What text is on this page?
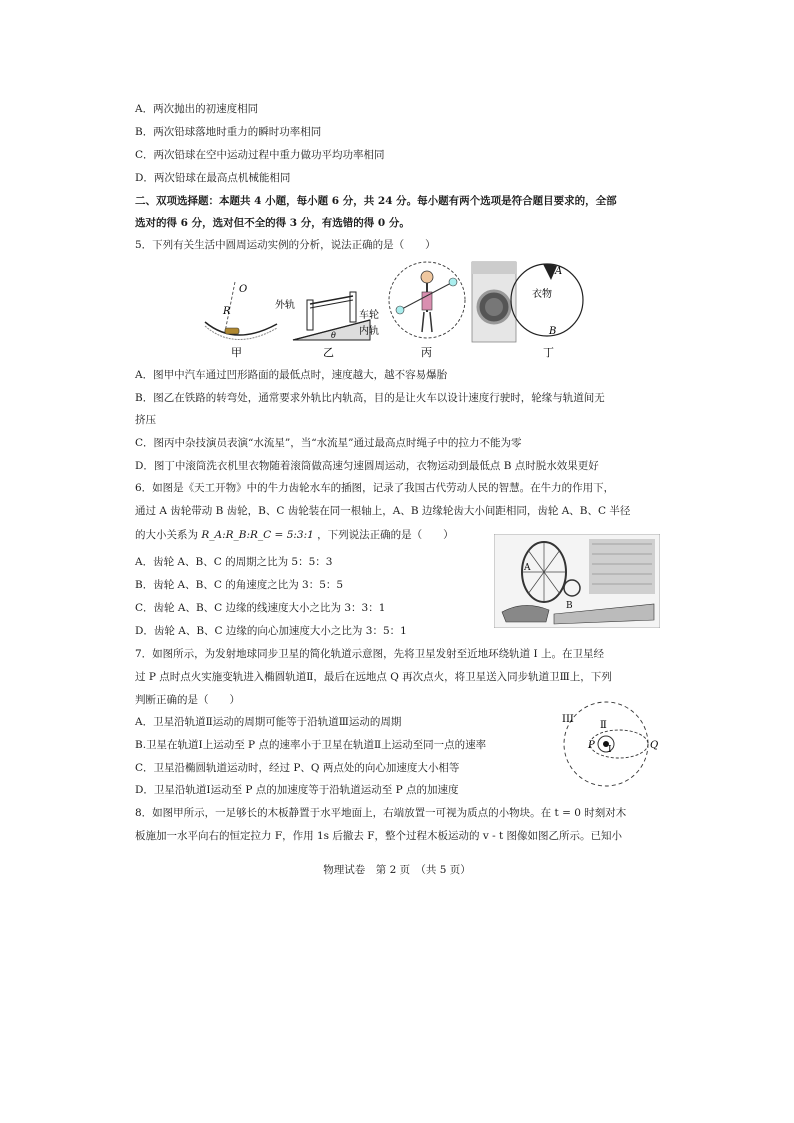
A．两次抛出的初速度相同
B．两次铅球落地时重力的瞬时功率相同
C．两次铅球在空中运动过程中重力做功平均功率相同
D．两次铅球在最高点机械能相同
二、双项选择题：本题共 4 小题，每小题 6 分，共 24 分。每小题有两个选项是符合题目要求的，全部
选对的得 6 分，选对但不全的得 3 分，有选错的得 0 分。
5．下列有关生活中圆周运动实例的分析，说法正确的是（　　）
O
R
甲
外轨
车轮
内轨
θ
乙	丙
衣物
A
B
丁
A．图甲中汽车通过凹形路面的最低点时，速度越大，越不容易爆胎
B．图乙在铁路的转弯处，通常要求外轨比内轨高，目的是让火车以设计速度行驶时，轮缘与轨道间无
挤压
C．图丙中杂技演员表演“水流星”，当“水流星”通过最高点时绳子中的拉力不能为零
D．图丁中滚筒洗衣机里衣物随着滚筒做高速匀速圆周运动，衣物运动到最低点 B 点时脱水效果更好
6．如图是《天工开物》中的牛力齿轮水车的插图，记录了我国古代劳动人民的智慧。在牛力的作用下，
通过 A 齿轮带动 B 齿轮，B、C 齿轮装在同一根轴上，A、B 边缘轮齿大小间距相同，齿轮 A、B、C 半径
的大小关系为 R_A:R_B:R_C = 5:3:1 ，下列说法正确的是（　　）
A．齿轮 A、B、C 的周期之比为 5：5：3
B．齿轮 A、B、C 的角速度之比为 3：5：5
C．齿轮 A、B、C 边缘的线速度大小之比为 3：3：1
D．齿轮 A、B、C 边缘的向心加速度大小之比为 3：5：1
A
B
7．如图所示，为发射地球同步卫星的简化轨道示意图，先将卫星发射至近地环绕轨道 I 上。在卫星经
过 P 点时点火实施变轨进入椭圆轨道Ⅱ，最后在远地点 Q 再次点火，将卫星送入同步轨道卫Ⅲ上，下列
判断正确的是（　　）
A．卫星沿轨道Ⅱ运动的周期可能等于沿轨道Ⅲ运动的周期
B.卫星在轨道Ⅰ上运动至 P 点的速率小于卫星在轨道Ⅱ上运动至同一点的速率
C．卫星沿椭圆轨道运动时，经过 P、Q 两点处的向心加速度大小相等
D．卫星沿轨道Ⅰ运动至 P 点的加速度等于沿轨道运动至 P 点的加速度
III
Ⅱ
I
P	Q
8．如图甲所示，一足够长的木板静置于水平地面上，右端放置一可视为质点的小物块。在 t = 0 时刻对木
板施加一水平向右的恒定拉力 F，作用 1s 后撤去 F，整个过程木板运动的 v - t 图像如图乙所示。已知小
物理试卷　第 2 页　（共 5 页）
